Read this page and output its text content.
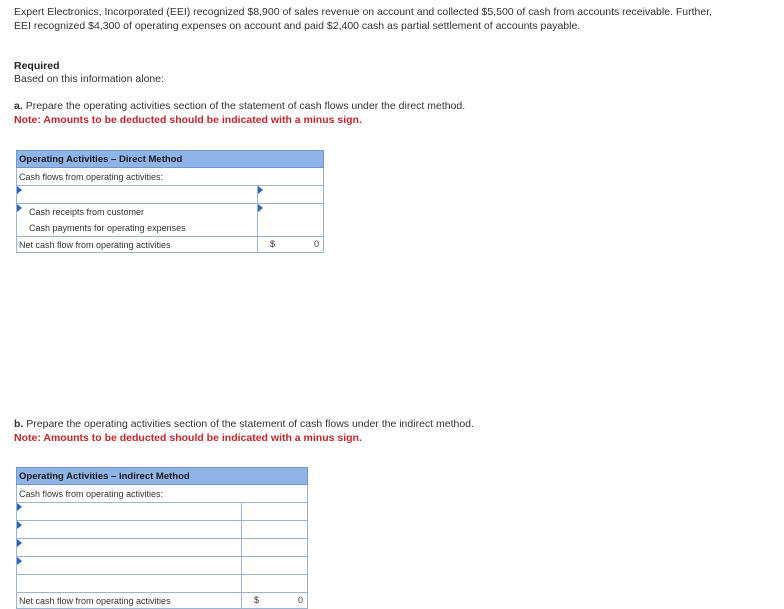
Expert Electronics, Incorporated (EEI) recognized $8,900 of sales revenue on account and collected $5,500 of cash from accounts receivable. Further, EEI recognized $4,300 of operating expenses on account and paid $2,400 cash as partial settlement of accounts payable.
Required
Based on this information alone:
a. Prepare the operating activities section of the statement of cash flows under the direct method.
Note: Amounts to be deducted should be indicated with a minus sign.
Operating Activities – Direct Method	
Cash flows from operating activities:	

Cash receipts from customer
Cash payments for operating expenses

Net cash flow from operating activities	$ 0
b. Prepare the operating activities section of the statement of cash flows under the indirect method.
Note: Amounts to be deducted should be indicated with a minus sign.
Operating Activities – Indirect Method	
Cash flows from operating activities:	

Net cash flow from operating activities	$ 0
